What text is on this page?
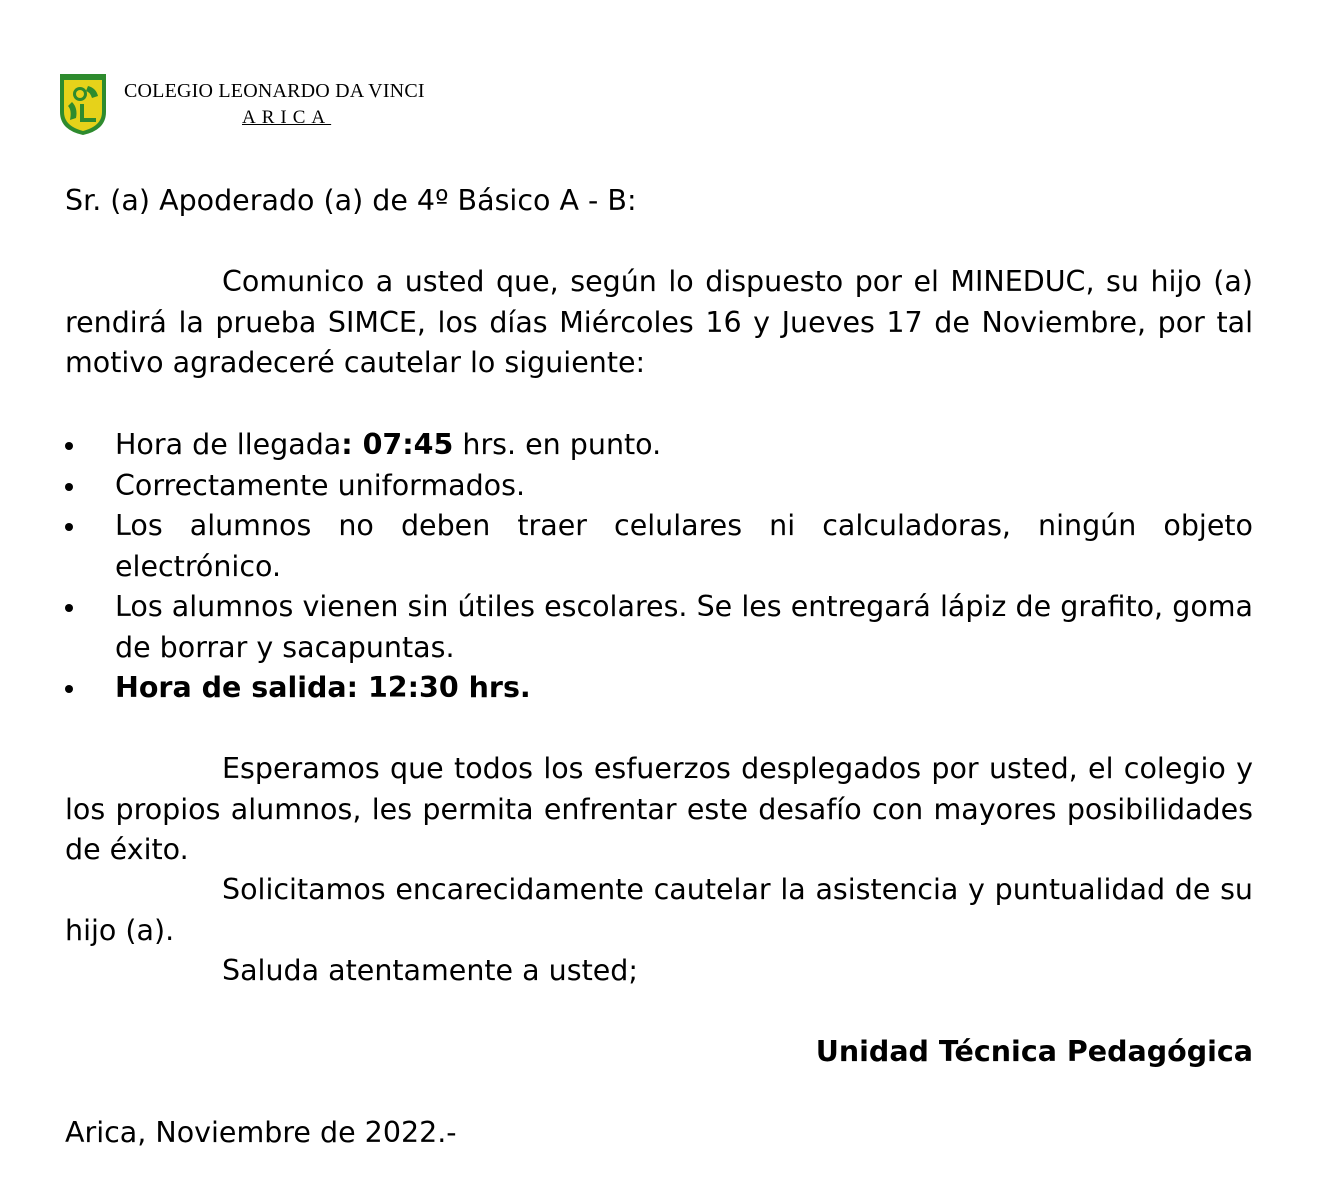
COLEGIO LEONARDO DA VINCI
ARICA
Sr. (a) Apoderado (a) de 4º Básico A - B:
Comunico a usted que, según lo dispuesto por el MINEDUC, su hijo (a) rendirá la prueba SIMCE, los días Miércoles 16 y Jueves 17 de Noviembre, por tal motivo agradeceré cautelar lo siguiente:
Hora de llegada: 07:45 hrs. en punto.
Correctamente uniformados.
Los alumnos no deben traer celulares ni calculadoras, ningún objeto electrónico.
Los alumnos vienen sin útiles escolares. Se les entregará lápiz de grafito, goma de borrar y sacapuntas.
Hora de salida: 12:30 hrs.
Esperamos que todos los esfuerzos desplegados por usted, el colegio y los propios alumnos, les permita enfrentar este desafío con mayores posibilidades de éxito.
Solicitamos encarecidamente cautelar la asistencia y puntualidad de su hijo (a).
Saluda atentamente a usted;
Unidad Técnica Pedagógica
Arica, Noviembre de 2022.-
